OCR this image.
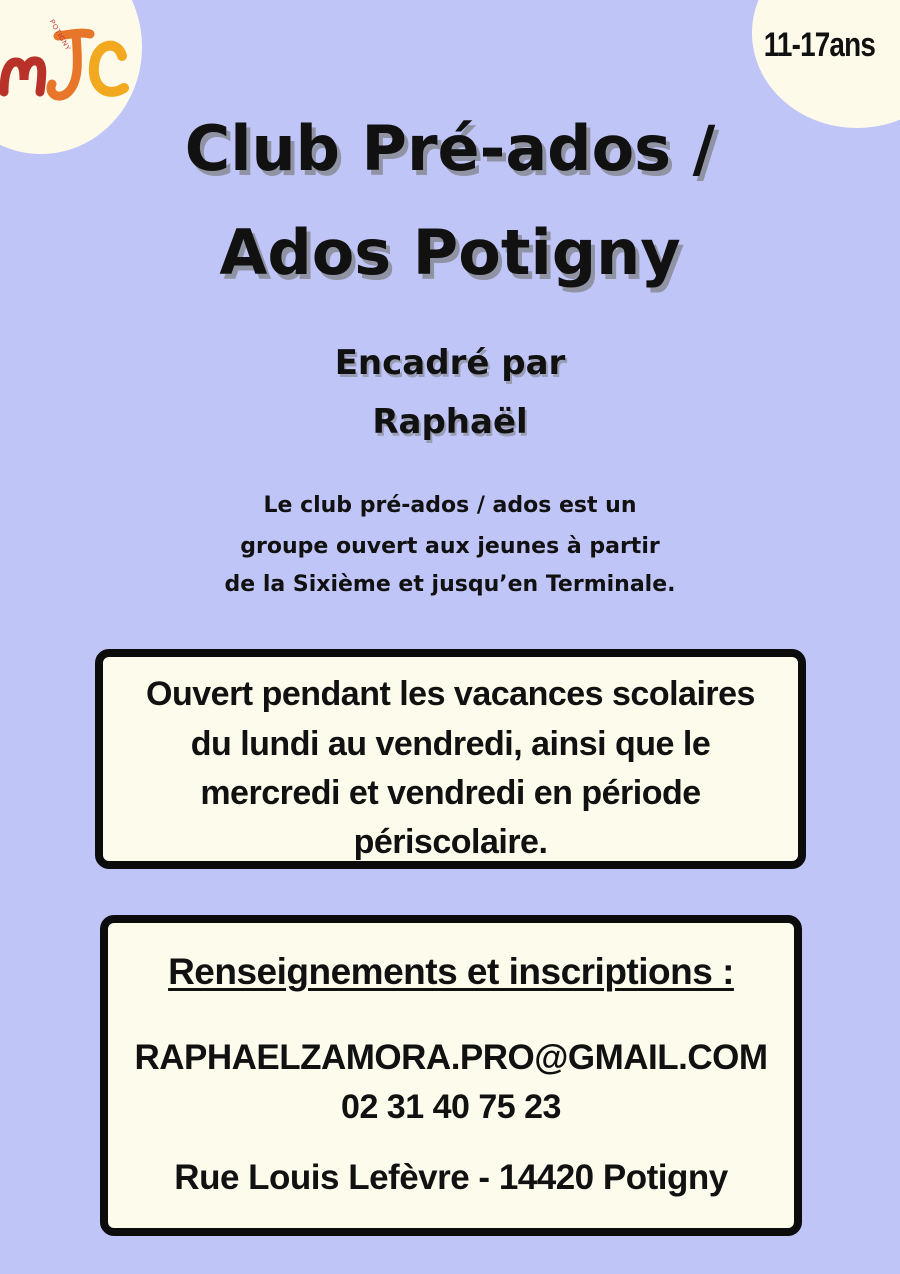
POTIGNY	11-17ans
Club Pré-ados /
Ados Potigny
Encadré par
Raphaël
Le club pré-ados / ados est un
groupe ouvert aux jeunes à partir
de la Sixième et jusqu’en Terminale.
Ouvert pendant les vacances scolaires
du lundi au vendredi, ainsi que le
mercredi et vendredi en période
périscolaire.
Renseignements et inscriptions :
RAPHAELZAMORA.PRO@GMAIL.COM
02 31 40 75 23
Rue Louis Lefèvre - 14420 Potigny
